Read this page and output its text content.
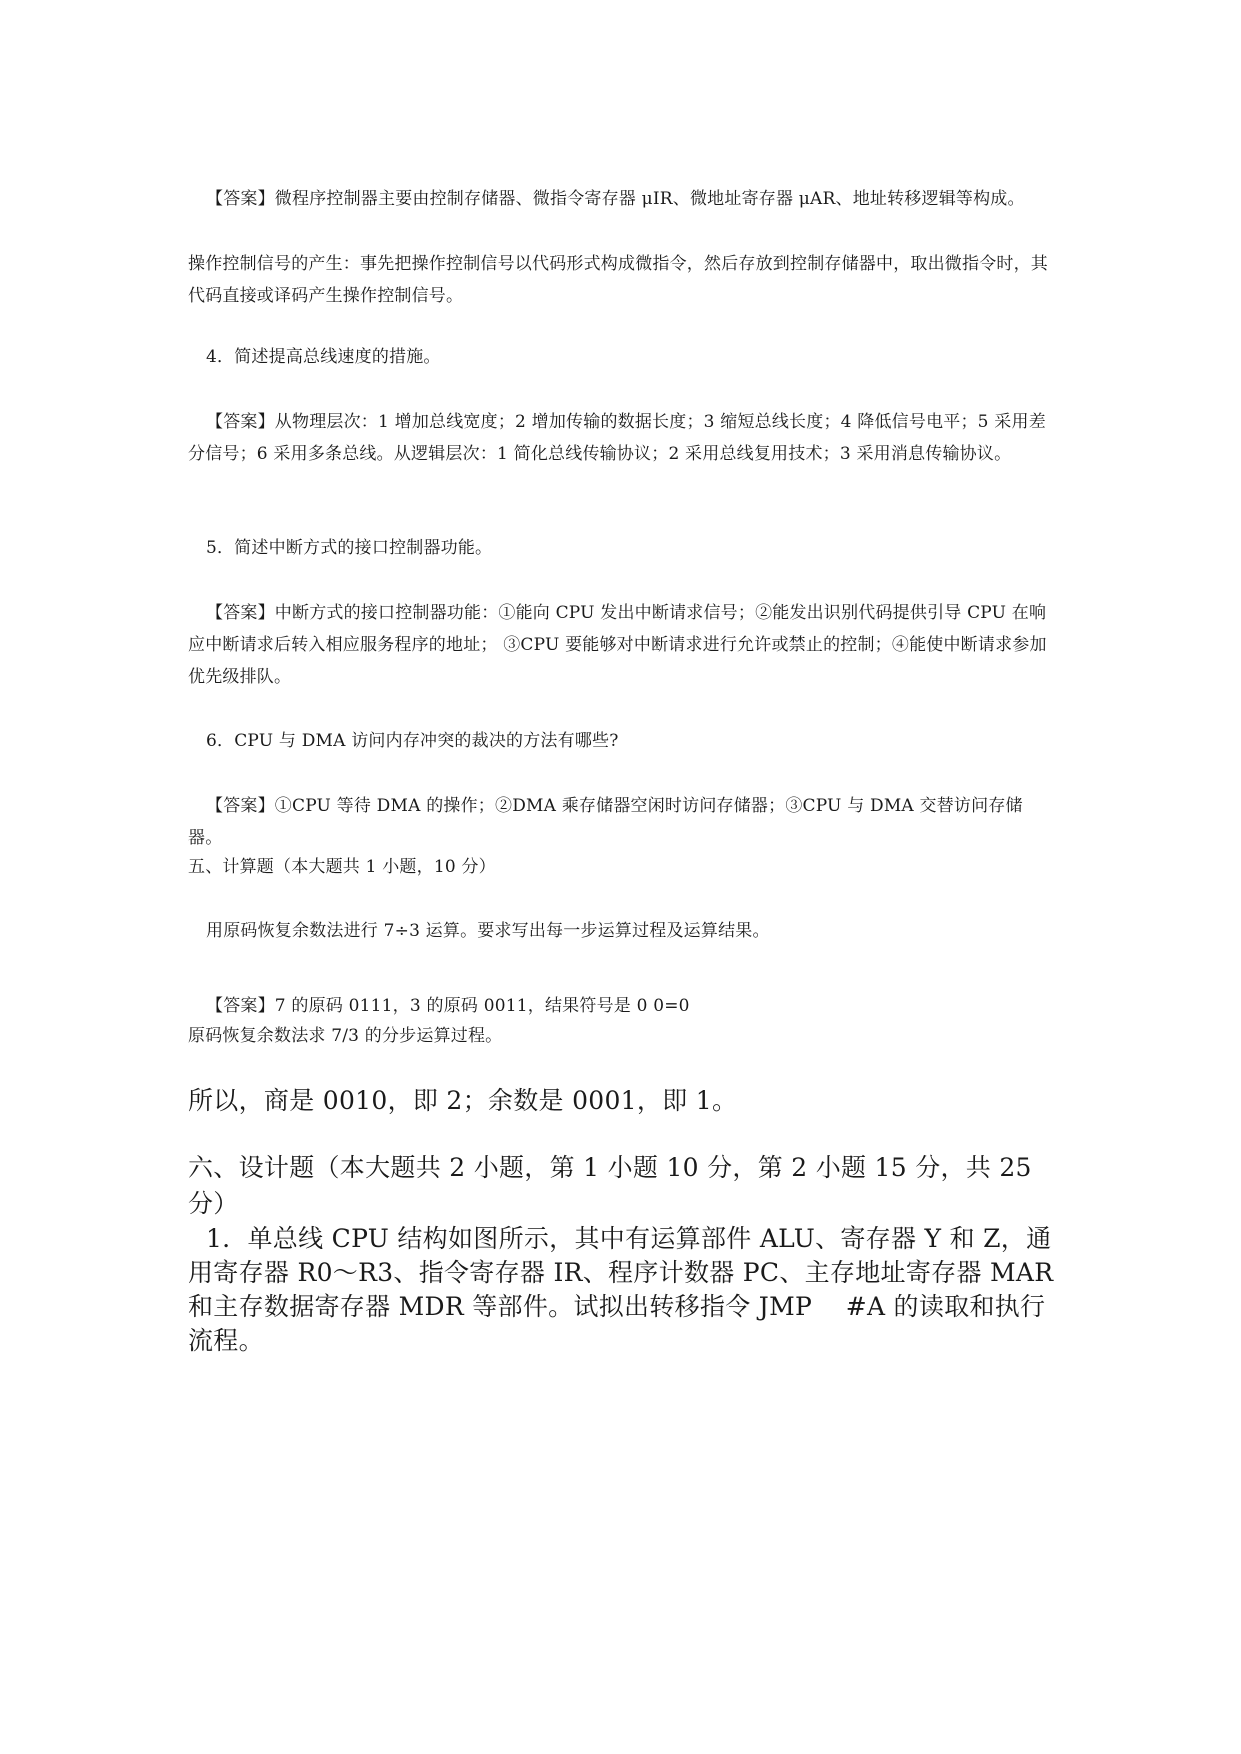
【答案】微程序控制器主要由控制存储器、微指令寄存器 μIR、微地址寄存器 μAR、地址转移逻辑等构成。

操作控制信号的产生：事先把操作控制信号以代码形式构成微指令，然后存放到控制存储器中，取出微指令时，其代码直接或译码产生操作控制信号。

4．简述提高总线速度的措施。

【答案】从物理层次：1 增加总线宽度；2 增加传输的数据长度；3 缩短总线长度；4 降低信号电平；5 采用差分信号；6 采用多条总线。从逻辑层次：1 简化总线传输协议；2 采用总线复用技术；3 采用消息传输协议。

5．简述中断方式的接口控制器功能。

【答案】中断方式的接口控制器功能：①能向 CPU 发出中断请求信号；②能发出识别代码提供引导 CPU 在响应中断请求后转入相应服务程序的地址； ③CPU 要能够对中断请求进行允许或禁止的控制；④能使中断请求参加优先级排队。

6．CPU 与 DMA 访问内存冲突的裁决的方法有哪些?

【答案】①CPU 等待 DMA 的操作；②DMA 乘存储器空闲时访问存储器；③CPU 与 DMA 交替访问存储器。

五、计算题（本大题共 1 小题，10 分）

用原码恢复余数法进行 7÷3 运算。要求写出每一步运算过程及运算结果。

【答案】7 的原码 0111，3 的原码 0011，结果符号是 0 0=0

原码恢复余数法求 7/3 的分步运算过程。

所以，商是 0010，即 2；余数是 0001，即 1。

六、设计题（本大题共 2 小题，第 1 小题 10 分，第 2 小题 15 分，共 25 分）

1．单总线 CPU 结构如图所示，其中有运算部件 ALU、寄存器 Y 和 Z，通用寄存器 R0～R3、指令寄存器 IR、程序计数器 PC、主存地址寄存器 MAR 和主存数据寄存器 MDR 等部件。试拟出转移指令 JMP　 #A 的读取和执行流程。
